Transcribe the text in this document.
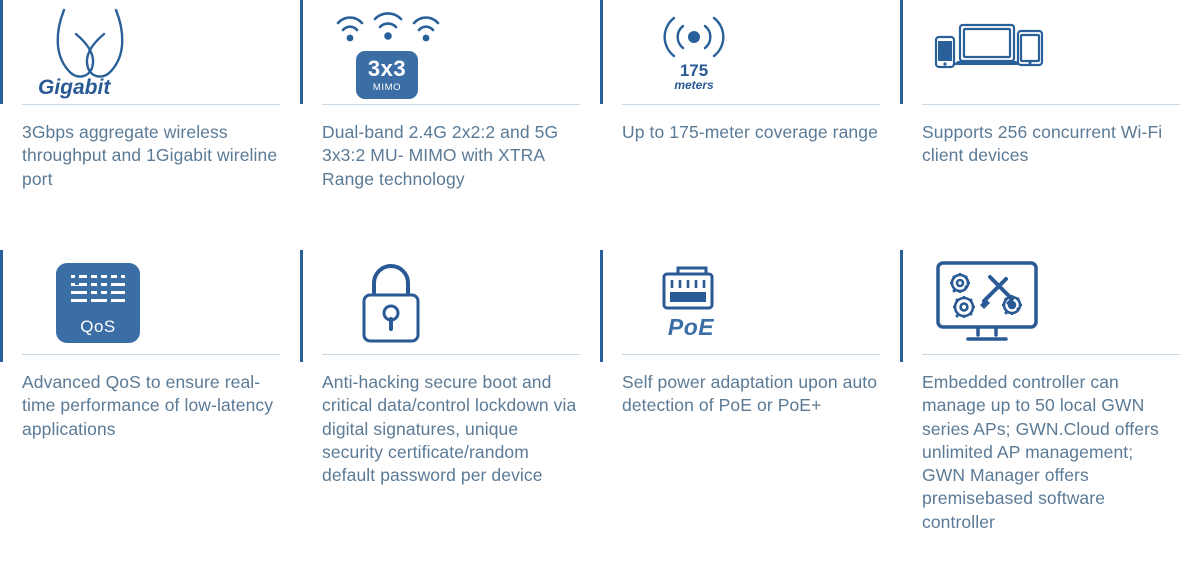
Gigabit
3Gbps aggregate wireless throughput and 1Gigabit wireline port
3x3
MIMO
Dual-band 2.4G 2x2:2 and 5G 3x3:2 MU- MIMO with XTRA Range technology
175
meters
Up to 175-meter coverage range	Supports 256 concurrent Wi-Fi client devices
QoS
Advanced QoS to ensure real-time performance of low-latency applications
Anti-hacking secure boot and critical data/control lockdown via digital signatures, unique security certificate/random default password per device
PoE
Self power adaptation upon auto detection of PoE or PoE+
Embedded controller can manage up to 50 local GWN series APs; GWN.Cloud offers unlimited AP management; GWN Manager offers premisebased software controller
